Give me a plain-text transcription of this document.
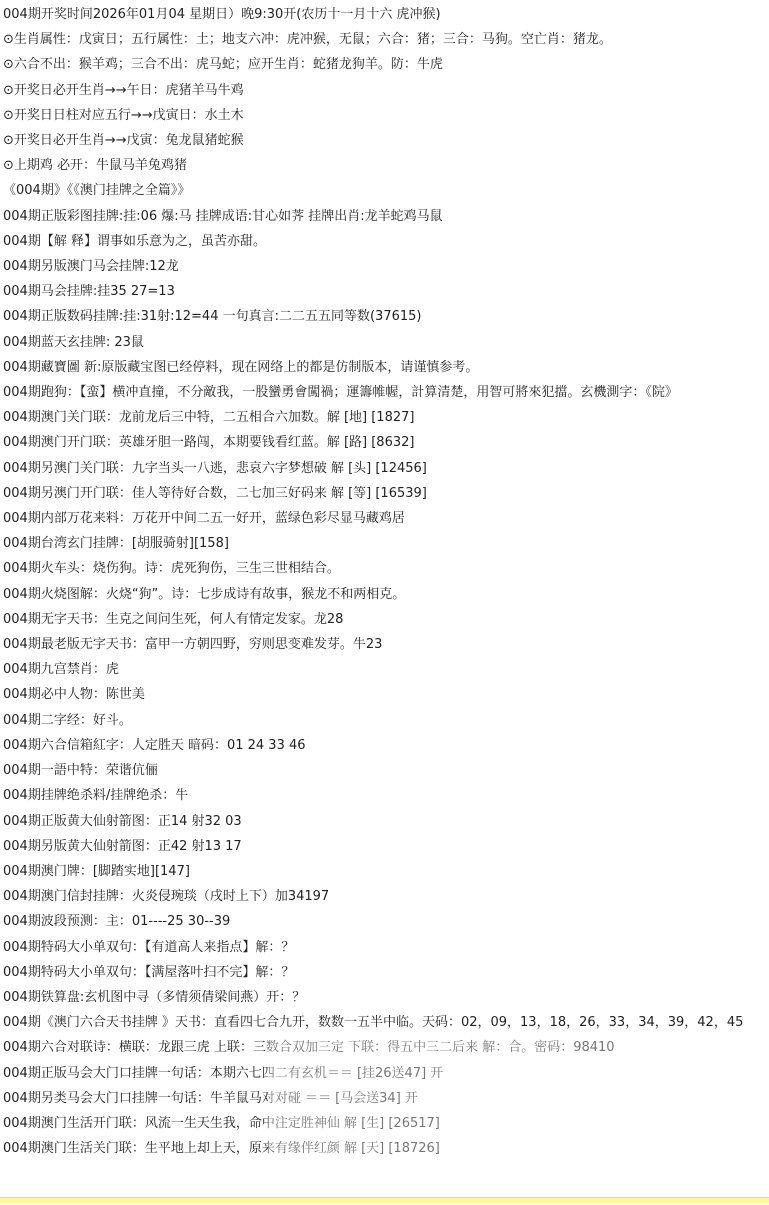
004期开奖时间2026年01月04 星期日）晚9:30开(农历十一月十六 虎冲猴)
⊙生肖属性：戊寅日；五行属性：土；地支六冲：虎冲猴，无鼠；六合：猪；三合：马狗。空亡肖：猪龙。
⊙六合不出：猴羊鸡；三合不出：虎马蛇；应开生肖：蛇猪龙狗羊。防：牛虎
⊙开奖日必开生肖→→午日：虎猪羊马牛鸡
⊙开奖日日柱对应五行→→戊寅日：水土木
⊙开奖日必开生肖→→戊寅：兔龙鼠猪蛇猴
⊙上期鸡 必开：牛鼠马羊兔鸡猪
《004期》《《澳门挂牌之全篇》》
004期正版彩图挂牌:挂:06 爆:马 挂牌成语:甘心如荠 挂牌出肖:龙羊蛇鸡马鼠
004期【解 释】谓事如乐意为之，虽苦亦甜。
004期另版澳门马会挂牌:12龙
004期马会挂牌:挂35 27=13
004期正版数码挂牌:挂:31射:12=44 一句真言:二二五五同等数(37615)
004期蓝天玄挂牌: 23鼠
004期藏寶圖 新:原版藏宝图已经停料，现在网络上的都是仿制版本，请谨慎参考。
004期跑狗：【蛮】横冲直撞，不分敵我，一股蠻勇會闖禍；運籌帷幄，計算清楚，用智可將來犯擋。玄機測字：《院》
004期澳门关门联：龙前龙后三中特，二五相合六加数。解 [地] [1827]
004期澳门开门联：英雄牙胆一路闯，本期要钱看红蓝。解 [路] [8632]
004期另澳门关门联：九字当头一八逃，悲哀六字梦想破 解 [头] [12456]
004期另澳门开门联：佳人等待好合数，二七加三好码来 解 [等] [16539]
004期内部万花来料：万花开中间二五一好开，蓝绿色彩尽显马藏鸡居
004期台湾玄门挂牌：[胡服骑射][158]
004期火车头：烧伤狗。诗：虎死狗伤，三生三世相结合。
004期火烧图解：火烧“狗”。诗：七步成诗有故事，猴龙不和两相克。
004期无字天书：生克之间问生死，何人有情定发家。龙28
004期最老版无字天书：富甲一方朝四野，穷则思变难发芽。牛23
004期九宫禁肖：虎
004期必中人物：陈世美
004期二字经：好斗。
004期六合信箱紅字：人定胜天 暗码：01 24 33 46
004期一語中特：荣谐伉俪
004期挂牌绝杀料/挂牌绝杀：牛
004期正版黄大仙射箭图：正14 射32 03
004期另版黄大仙射箭图：正42 射13 17
004期澳门牌：[脚踏实地][147]
004期澳门信封挂牌：火炎侵琬琰（戌时上下）加34197
004期波段预测：主：01----25 30--39
004期特码大小单双句：【有道高人来指点】解：？
004期特码大小单双句：【满屋落叶扫不完】解：？
004期铁算盘:玄机图中寻（多情须倩梁间燕）开：？
004期《澳门六合天书挂牌 》天书：直看四七合九开，数数一五半中临。天码：02，09，13，18，26，33，34，39，42，45
004期六合对联诗：横联：龙跟三虎 上联：三数合双加三定 下联：得五中三二后来 解：合。密码：98410
004期正版马会大门口挂牌一句话：本期六七四二有玄机＝＝ [挂26送47] 开
004期另类马会大门口挂牌一句话：牛羊鼠马对对碰 ＝＝ [马会送34] 开
004期澳门生活开门联：风流一生天生我，命中注定胜神仙 解 [生] [26517]
004期澳门生活关门联：生平地上却上天，原来有缘伴红颜 解 [天] [18726]
